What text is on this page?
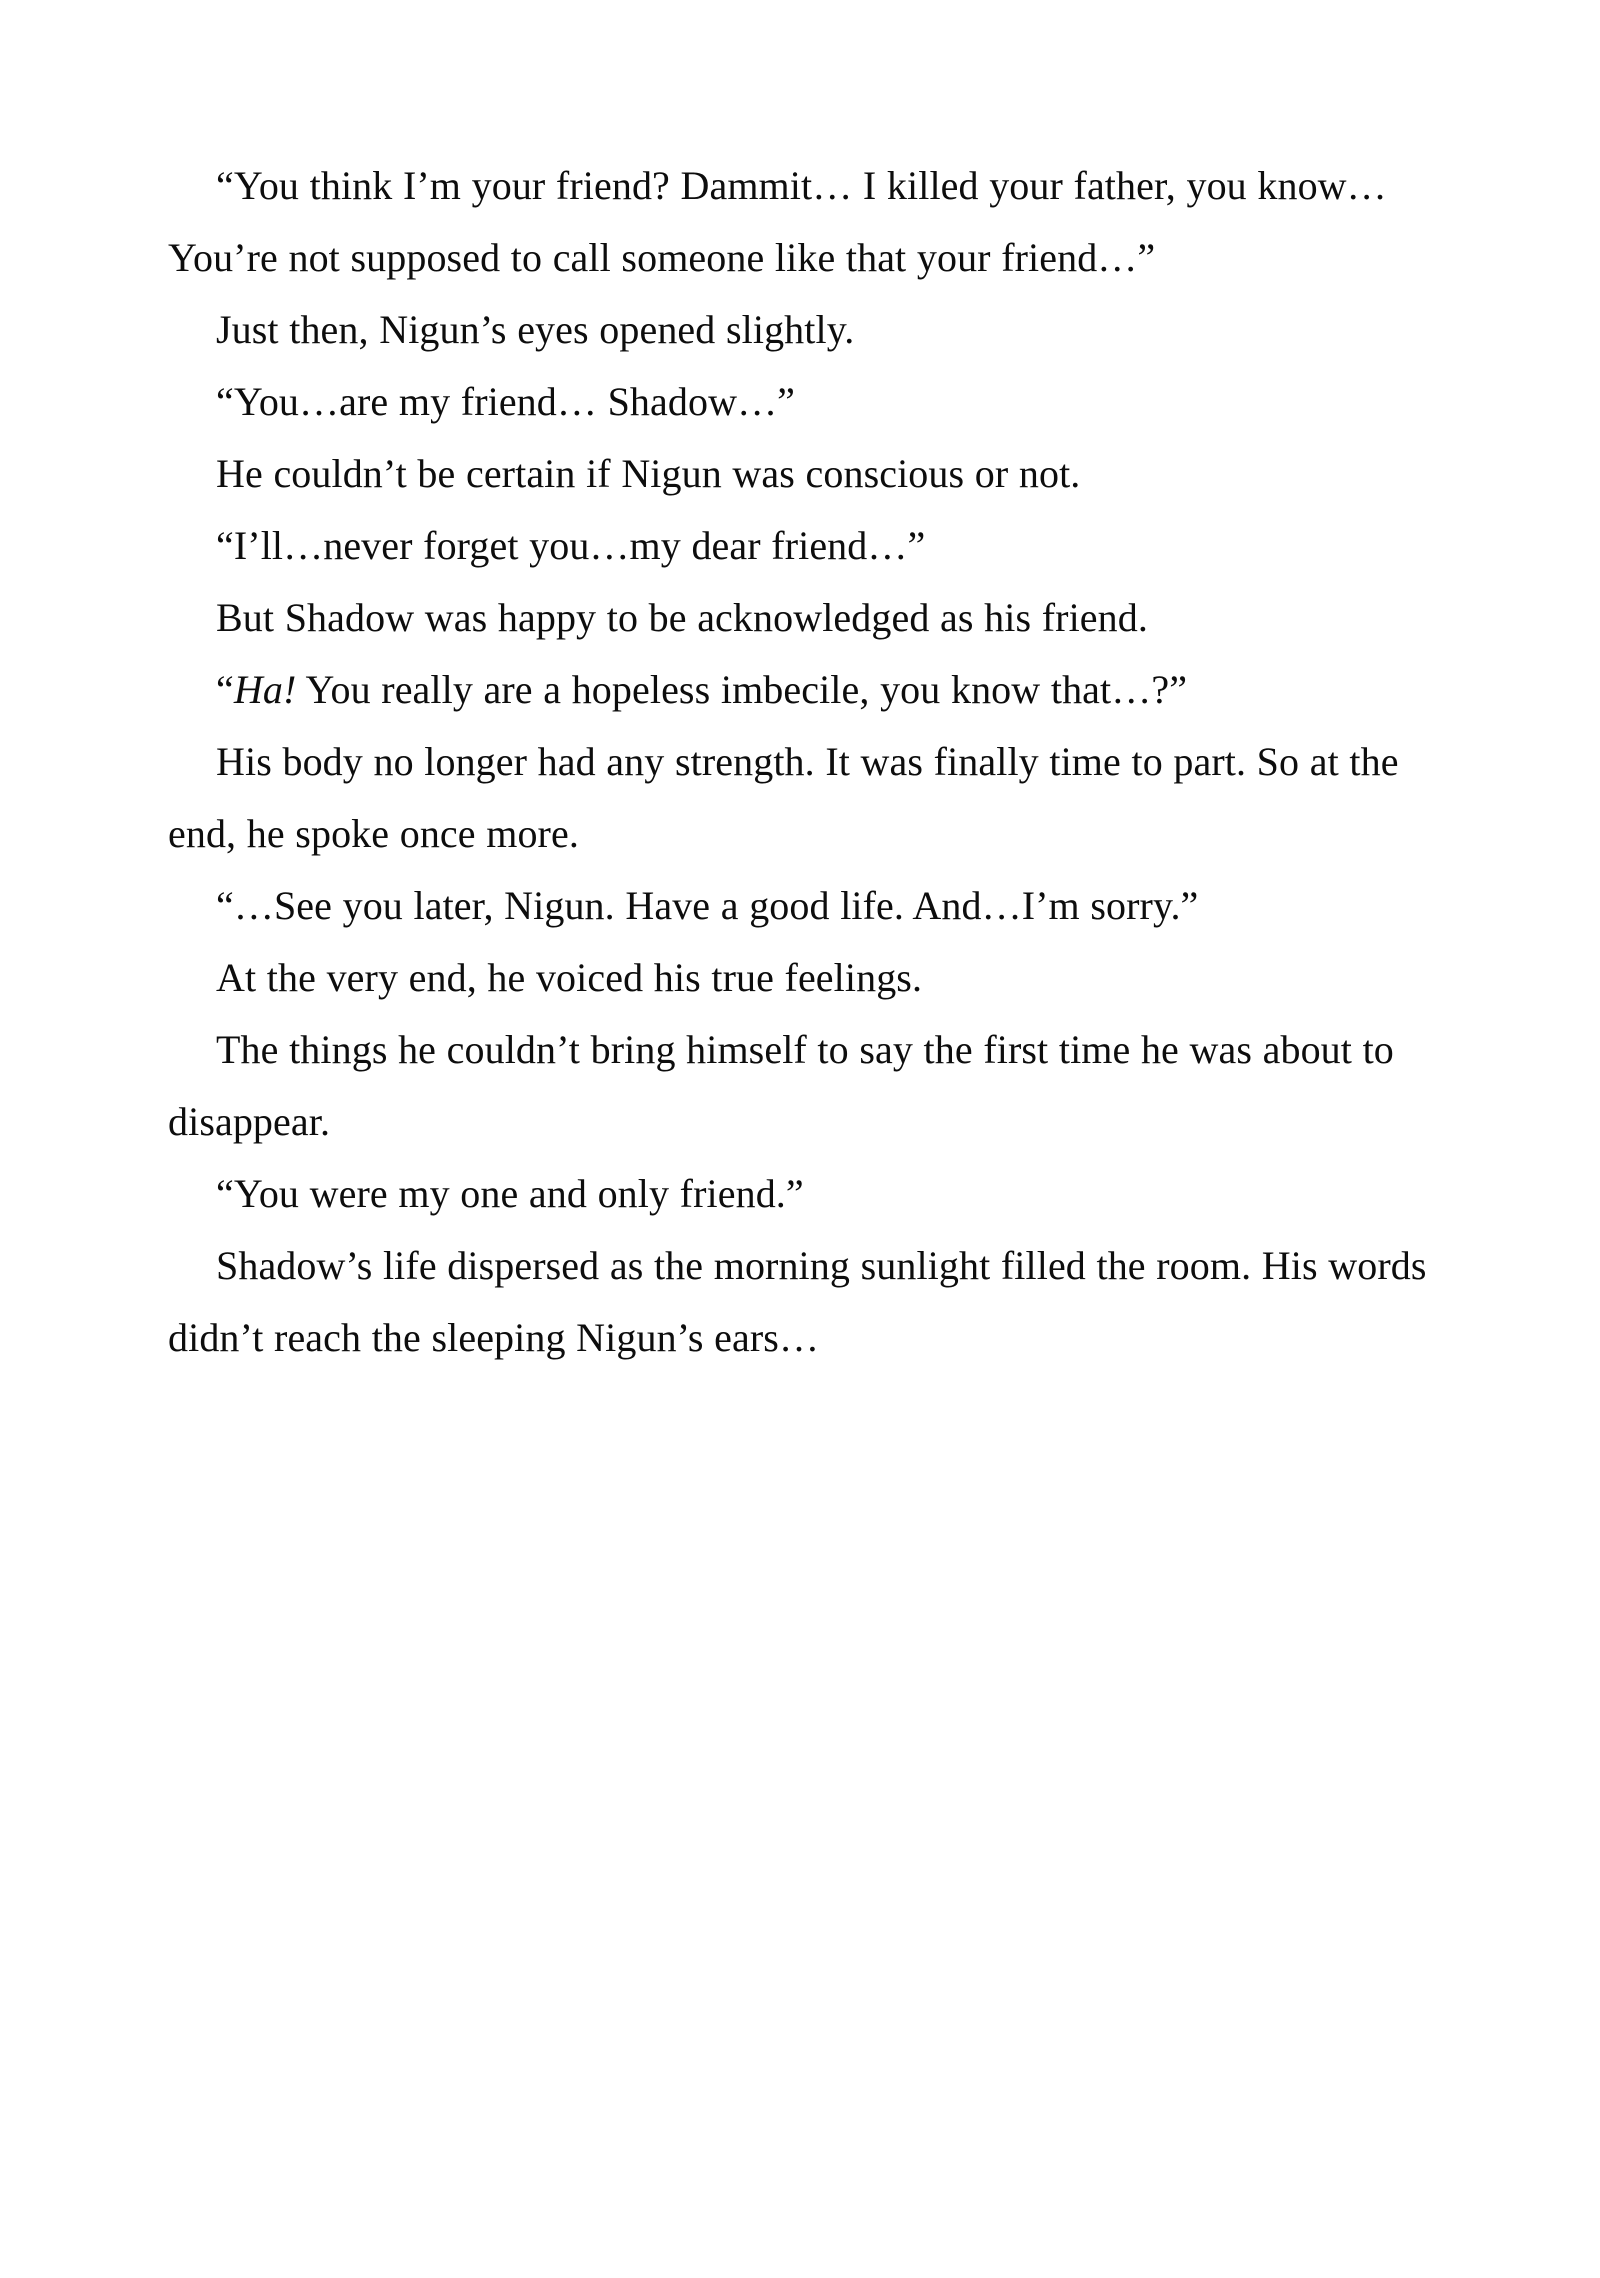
“You think I’m your friend? Dammit… I killed your father, you know… You’re not supposed to call someone like that your friend…”

Just then, Nigun’s eyes opened slightly.

“You…are my friend… Shadow…”

He couldn’t be certain if Nigun was conscious or not.

“I’ll…never forget you…my dear friend…”

But Shadow was happy to be acknowledged as his friend.

“Ha! You really are a hopeless imbecile, you know that…?”

His body no longer had any strength. It was finally time to part. So at the end, he spoke once more.

“…See you later, Nigun. Have a good life. And…I’m sorry.”

At the very end, he voiced his true feelings.

The things he couldn’t bring himself to say the first time he was about to disappear.

“You were my one and only friend.”

Shadow’s life dispersed as the morning sunlight filled the room. His words didn’t reach the sleeping Nigun’s ears…
